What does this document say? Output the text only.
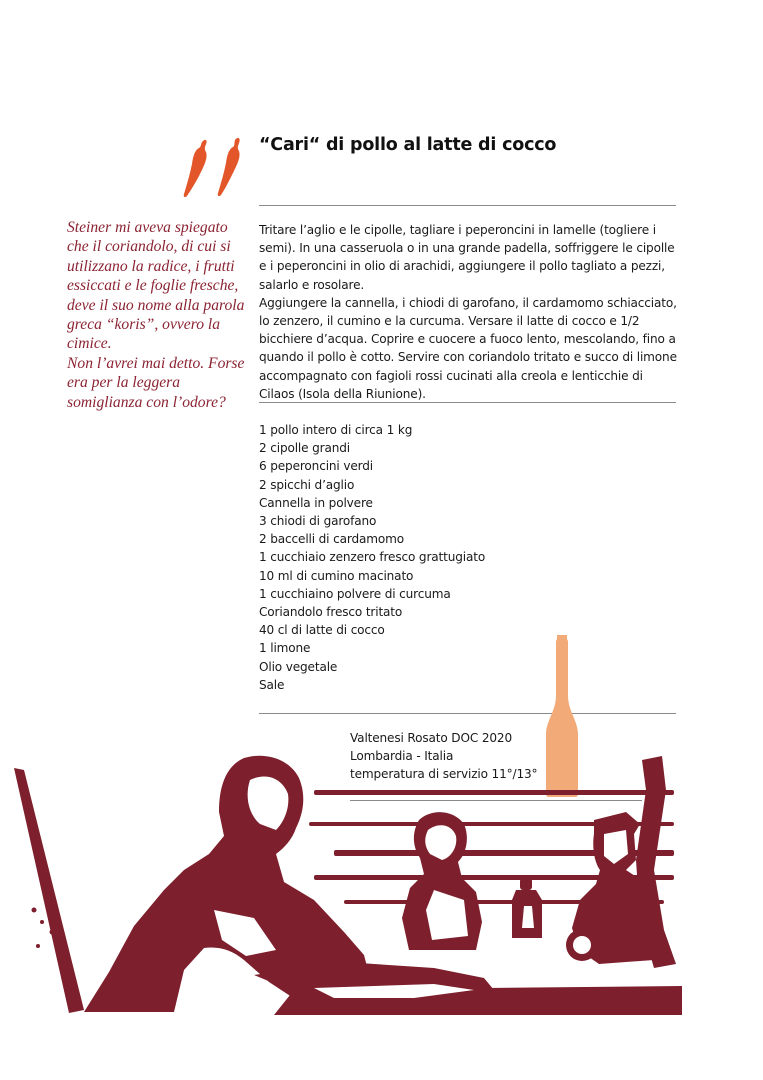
“Cari“ di pollo al latte di cocco

Steiner mi aveva spiegato che il coriandolo, di cui si utilizzano la radice, i frutti essiccati e le foglie fresche, deve il suo nome alla parola greca “koris”, ovvero la cimice.

Non l’avrei mai detto. Forse era per la leggera somiglianza con l’odore?

Tritare l’aglio e le cipolle, tagliare i peperoncini in lamelle (togliere i semi). In una casseruola o in una grande padella, soffriggere le cipolle e i peperoncini in olio di arachidi, aggiungere il pollo tagliato a pezzi, salarlo e rosolare.

Aggiungere la cannella, i chiodi di garofano, il cardamomo schiacciato, lo zenzero, il cumino e la curcuma. Versare il latte di cocco e 1/2 bicchiere d’acqua. Coprire e cuocere a fuoco lento, mescolando, fino a quando il pollo è cotto. Servire con coriandolo tritato e succo di limone accompagnato con fagioli rossi cucinati alla creola e lenticchie di Cilaos (Isola della Riunione).

1 pollo intero di circa 1 kg
2 cipolle grandi
6 peperoncini verdi
2 spicchi d’aglio
Cannella in polvere
3 chiodi di garofano
2 baccelli di cardamomo
1 cucchiaio zenzero fresco grattugiato
10 ml di cumino macinato
1 cucchiaino polvere di curcuma
Coriandolo fresco tritato
40 cl di latte di cocco
1 limone
Olio vegetale
Sale
Valtenesi Rosato DOC 2020
Lombardia - Italia
temperatura di servizio 11°/13°
